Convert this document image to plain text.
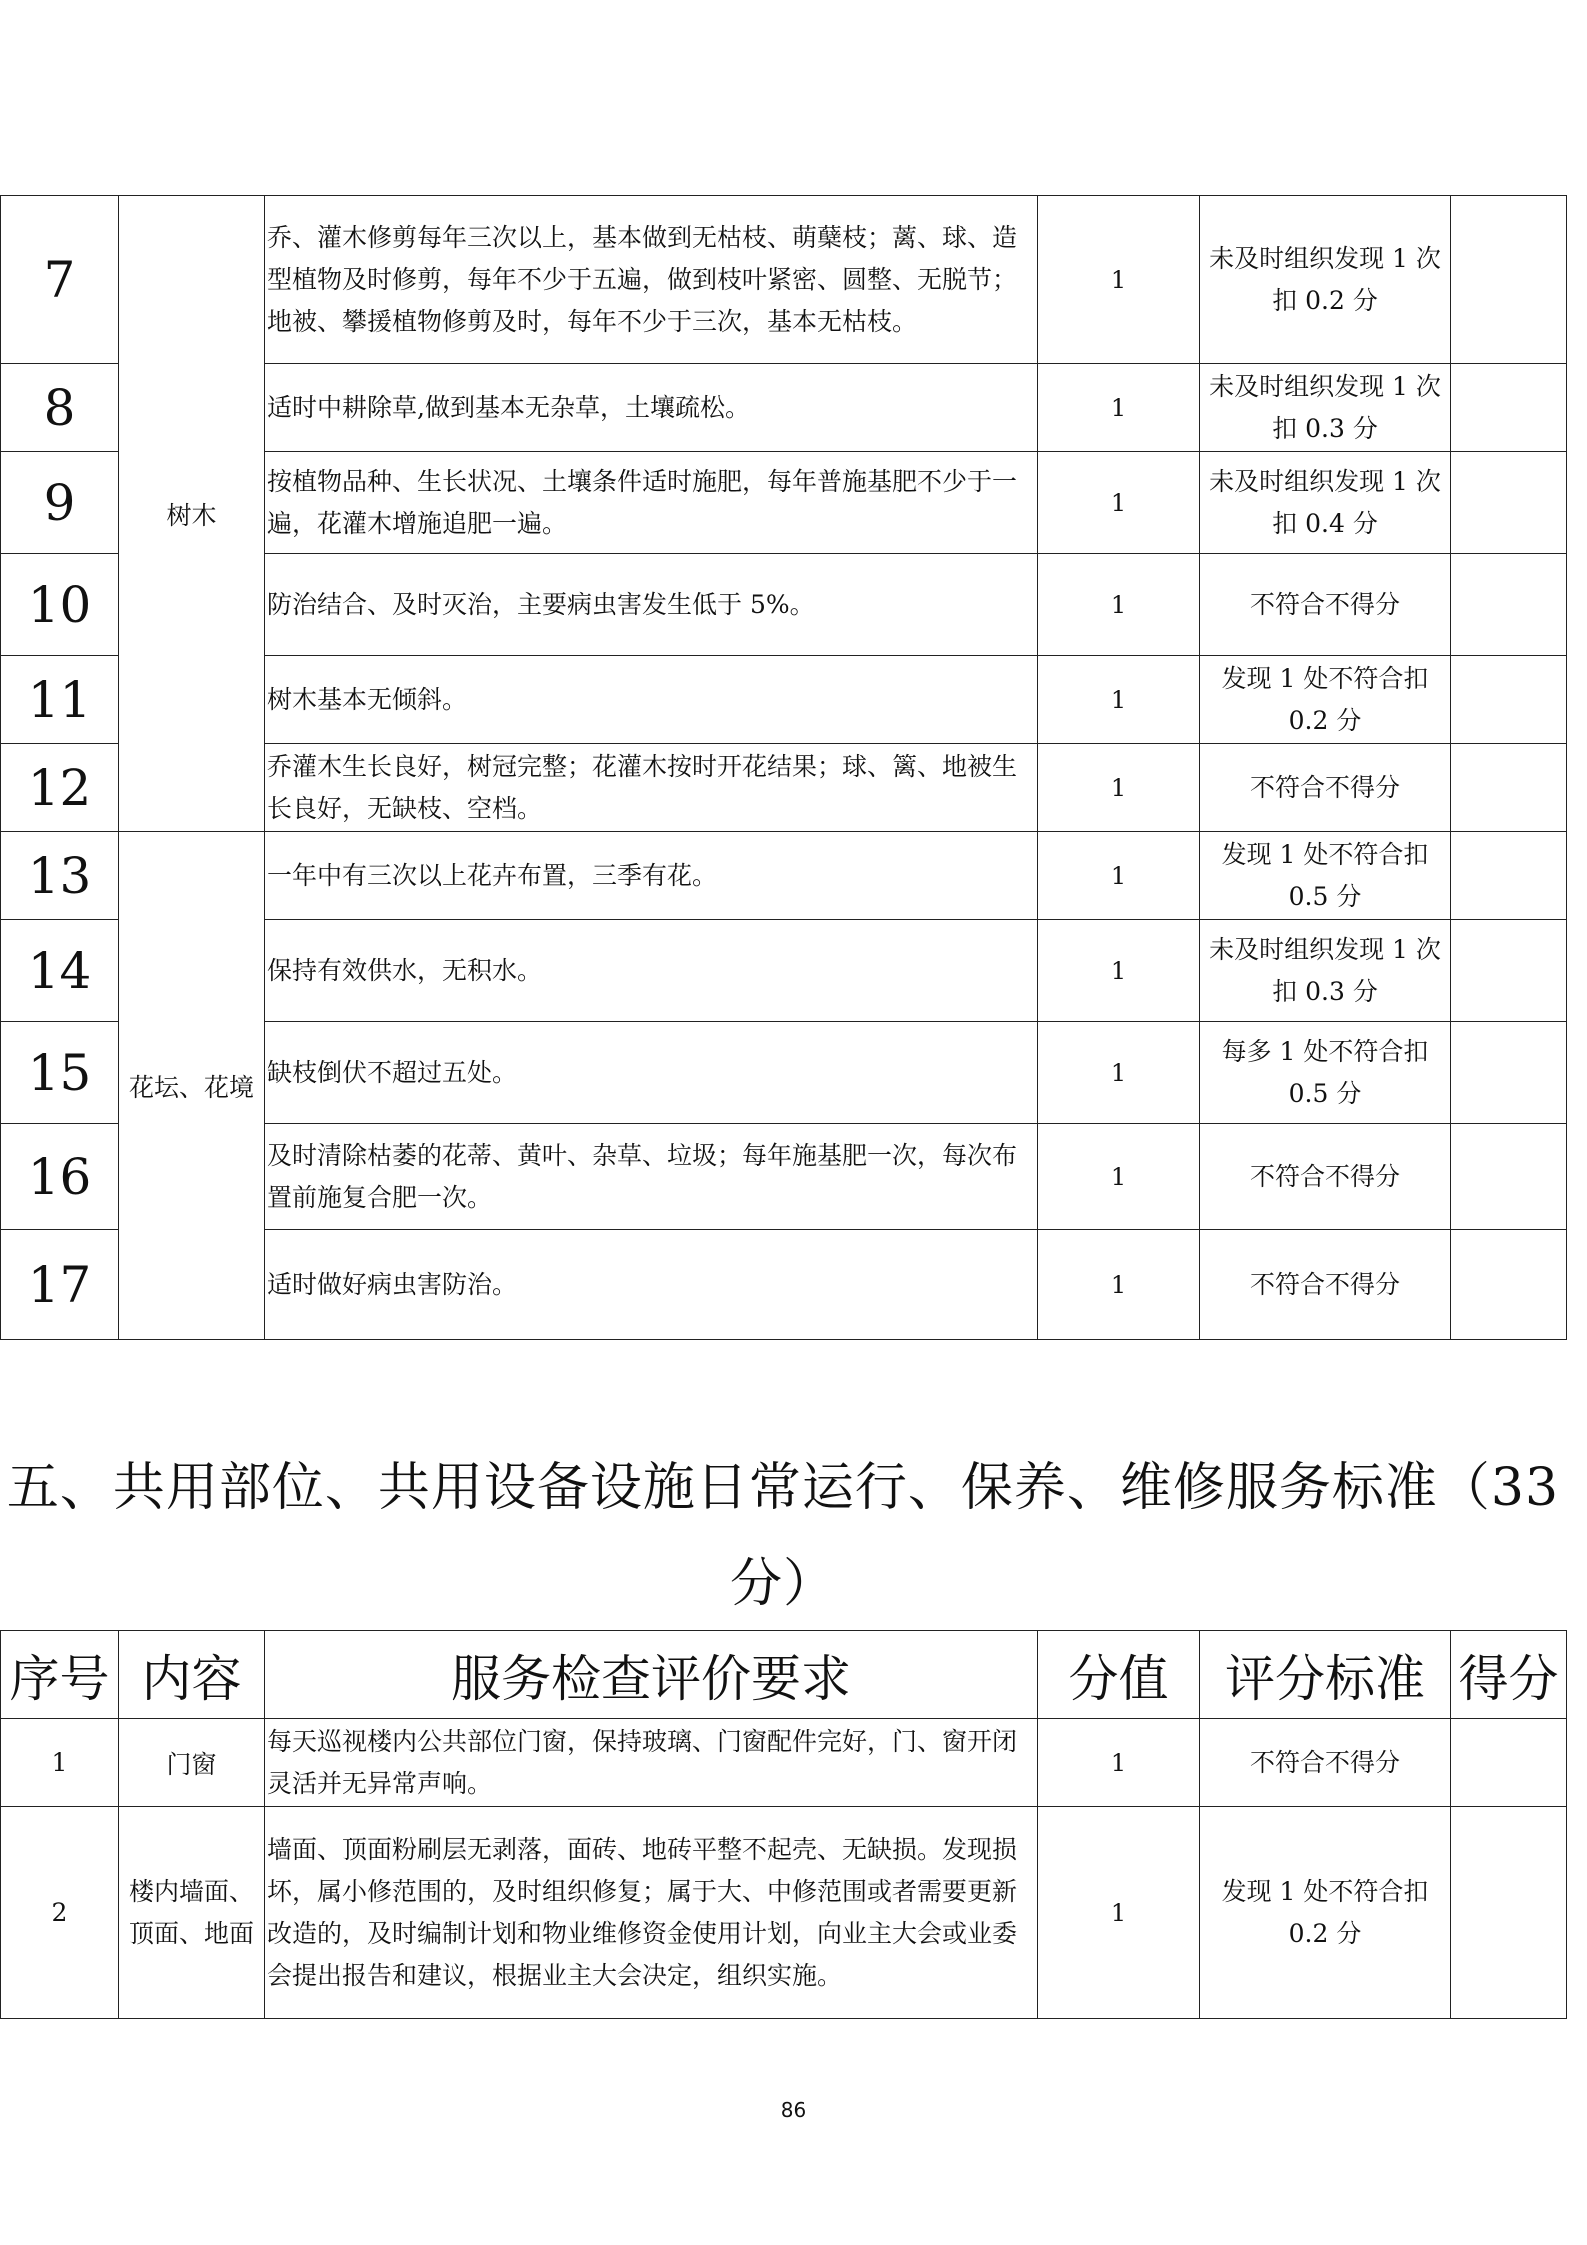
7	树木	乔、灌木修剪每年三次以上，基本做到无枯枝、萌蘖枝；蓠、球、造型植物及时修剪，每年不少于五遍，做到枝叶紧密、圆整、无脱节；地被、攀援植物修剪及时，每年不少于三次，基本无枯枝。	1	未及时组织发现 1 次扣 0.2 分	
8		适时中耕除草,做到基本无杂草，土壤疏松。	1	未及时组织发现 1 次扣 0.3 分	
9		按植物品种、生长状况、土壤条件适时施肥，每年普施基肥不少于一遍，花灌木增施追肥一遍。	1	未及时组织发现 1 次扣 0.4 分	
10		防治结合、及时灭治，主要病虫害发生低于 5%。	1	不符合不得分	
11		树木基本无倾斜。	1	发现 1 处不符合扣 0.2 分	
12		乔灌木生长良好，树冠完整；花灌木按时开花结果；球、篱、地被生长良好，无缺枝、空档。	1	不符合不得分	
13	花坛、花境	一年中有三次以上花卉布置，三季有花。	1	发现 1 处不符合扣 0.5 分	
14		保持有效供水，无积水。	1	未及时组织发现 1 次扣 0.3 分	
15		缺枝倒伏不超过五处。	1	每多 1 处不符合扣 0.5 分	
16		及时清除枯萎的花蒂、黄叶、杂草、垃圾；每年施基肥一次，每次布置前施复合肥一次。	1	不符合不得分	
17		适时做好病虫害防治。	1	不符合不得分	
五、共用部位、共用设备设施日常运行、保养、维修服务标准（33分）
序号	内容	服务检查评价要求	分值	评分标准	得分
1	门窗	每天巡视楼内公共部位门窗，保持玻璃、门窗配件完好，门、窗开闭灵活并无异常声响。	1	不符合不得分	
2	楼内墙面、顶面、地面	墙面、顶面粉刷层无剥落，面砖、地砖平整不起壳、无缺损。发现损坏，属小修范围的，及时组织修复；属于大、中修范围或者需要更新改造的，及时编制计划和物业维修资金使用计划，向业主大会或业委会提出报告和建议，根据业主大会决定，组织实施。	1	发现 1 处不符合扣 0.2 分	
86
